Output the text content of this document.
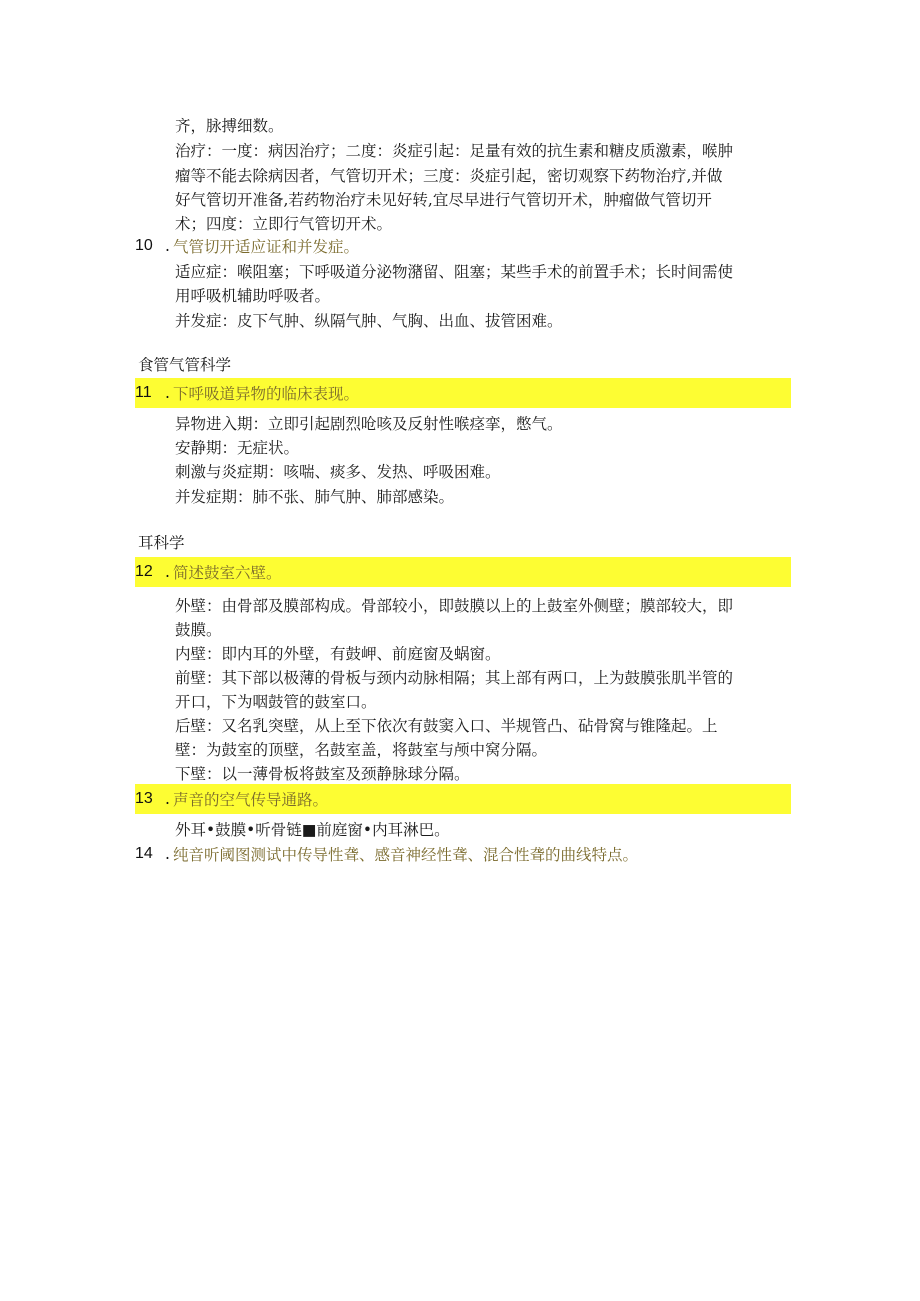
齐，脉搏细数。
治疗：一度：病因治疗；二度：炎症引起：足量有效的抗生素和糖皮质激素，喉肿
瘤等不能去除病因者，气管切开术；三度：炎症引起，密切观察下药物治疗,并做
好气管切开准备,若药物治疗未见好转,宜尽早进行气管切开术，肿瘤做气管切开
术；四度：立即行气管切开术。
10 . 气管切开适应证和并发症。
适应症：喉阻塞；下呼吸道分泌物潴留、阻塞；某些手术的前置手术；长时间需使
用呼吸机辅助呼吸者。
并发症：皮下气肿、纵隔气肿、气胸、出血、拔管困难。
食管气管科学
11 . 下呼吸道异物的临床表现。
异物进入期：立即引起剧烈呛咳及反射性喉痉挛，憋气。
安静期：无症状。
刺激与炎症期：咳喘、痰多、发热、呼吸困难。
并发症期：肺不张、肺气肿、肺部感染。
耳科学
12 . 简述鼓室六壁。
外壁：由骨部及膜部构成。骨部较小，即鼓膜以上的上鼓室外侧壁；膜部较大，即
鼓膜。
内壁：即内耳的外壁，有鼓岬、前庭窗及蜗窗。
前壁：其下部以极薄的骨板与颈内动脉相隔；其上部有两口，上为鼓膜张肌半管的
开口，下为咽鼓管的鼓室口。
后壁：又名乳突壁，从上至下依次有鼓窦入口、半规管凸、砧骨窝与锥隆起。上
壁：为鼓室的顶壁，名鼓室盖，将鼓室与颅中窝分隔。
下壁：以一薄骨板将鼓室及颈静脉球分隔。
13 . 声音的空气传导通路。
外耳•鼓膜•听骨链■前庭窗•内耳淋巴。
14 . 纯音听阈图测试中传导性聋、感音神经性聋、混合性聋的曲线特点。
